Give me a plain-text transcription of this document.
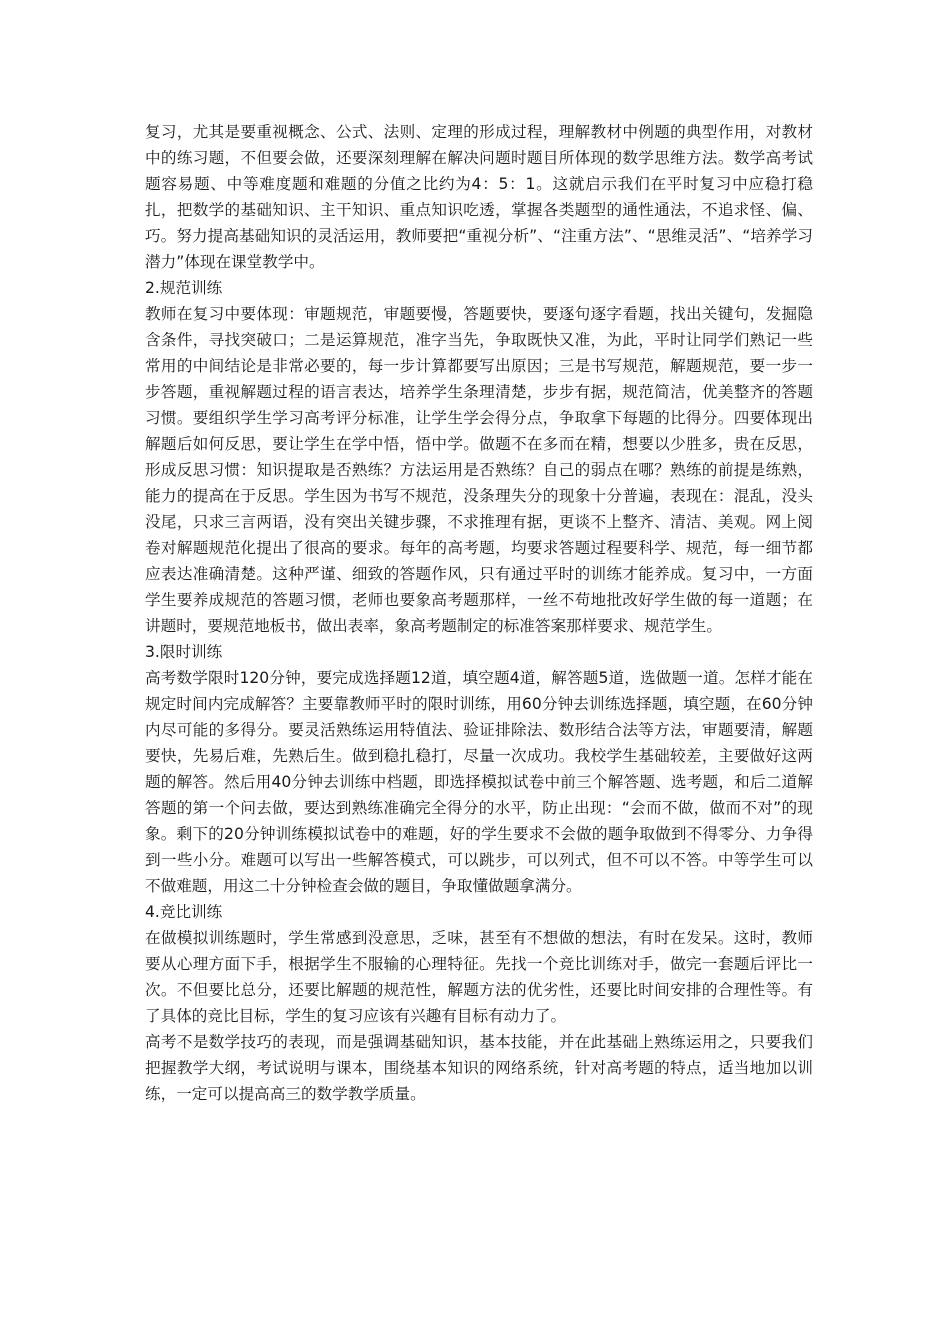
复习，尤其是要重视概念、公式、法则、定理的形成过程，理解教材中例题的典型作用，对教材中的练习题，不但要会做，还要深刻理解在解决问题时题目所体现的数学思维方法。数学高考试题容易题、中等难度题和难题的分值之比约为4：5：1。这就启示我们在平时复习中应稳打稳扎，把数学的基础知识、主干知识、重点知识吃透，掌握各类题型的通性通法，不追求怪、偏、巧。努力提高基础知识的灵活运用，教师要把“重视分析”、“注重方法”、“思维灵活”、“培养学习潜力”体现在课堂教学中。

2.规范训练

教师在复习中要体现：审题规范，审题要慢，答题要快，要逐句逐字看题，找出关键句，发掘隐含条件，寻找突破口；二是运算规范，准字当先，争取既快又准，为此，平时让同学们熟记一些常用的中间结论是非常必要的，每一步计算都要写出原因；三是书写规范，解题规范，要一步一步答题，重视解题过程的语言表达，培养学生条理清楚，步步有据，规范简洁，优美整齐的答题习惯。要组织学生学习高考评分标准，让学生学会得分点，争取拿下每题的比得分。四要体现出解题后如何反思，要让学生在学中悟，悟中学。做题不在多而在精，想要以少胜多，贵在反思，形成反思习惯：知识提取是否熟练？方法运用是否熟练？自己的弱点在哪？熟练的前提是练熟，能力的提高在于反思。学生因为书写不规范，没条理失分的现象十分普遍，表现在：混乱，没头没尾，只求三言两语，没有突出关键步骤，不求推理有据，更谈不上整齐、清洁、美观。网上阅卷对解题规范化提出了很高的要求。每年的高考题，均要求答题过程要科学、规范，每一细节都应表达准确清楚。这种严谨、细致的答题作风，只有通过平时的训练才能养成。复习中，一方面学生要养成规范的答题习惯，老师也要象高考题那样，一丝不苟地批改好学生做的每一道题；在讲题时，要规范地板书，做出表率，象高考题制定的标准答案那样要求、规范学生。

3.限时训练

高考数学限时120分钟，要完成选择题12道，填空题4道，解答题5道，选做题一道。怎样才能在规定时间内完成解答？主要靠教师平时的限时训练，用60分钟去训练选择题，填空题，在60分钟内尽可能的多得分。要灵活熟练运用特值法、验证排除法、数形结合法等方法，审题要清，解题要快，先易后难，先熟后生。做到稳扎稳打，尽量一次成功。我校学生基础较差，主要做好这两题的解答。然后用40分钟去训练中档题，即选择模拟试卷中前三个解答题、选考题，和后二道解答题的第一个问去做，要达到熟练准确完全得分的水平，防止出现：“会而不做，做而不对”的现象。剩下的20分钟训练模拟试卷中的难题，好的学生要求不会做的题争取做到不得零分、力争得到一些小分。难题可以写出一些解答模式，可以跳步，可以列式，但不可以不答。中等学生可以不做难题，用这二十分钟检查会做的题目，争取懂做题拿满分。

4.竞比训练

在做模拟训练题时，学生常感到没意思，乏味，甚至有不想做的想法，有时在发呆。这时，教师要从心理方面下手，根据学生不服输的心理特征。先找一个竞比训练对手，做完一套题后评比一次。不但要比总分，还要比解题的规范性，解题方法的优劣性，还要比时间安排的合理性等。有了具体的竞比目标，学生的复习应该有兴趣有目标有动力了。

高考不是数学技巧的表现，而是强调基础知识，基本技能，并在此基础上熟练运用之，只要我们把握教学大纲，考试说明与课本，围绕基本知识的网络系统，针对高考题的特点，适当地加以训练，一定可以提高高三的数学教学质量。
